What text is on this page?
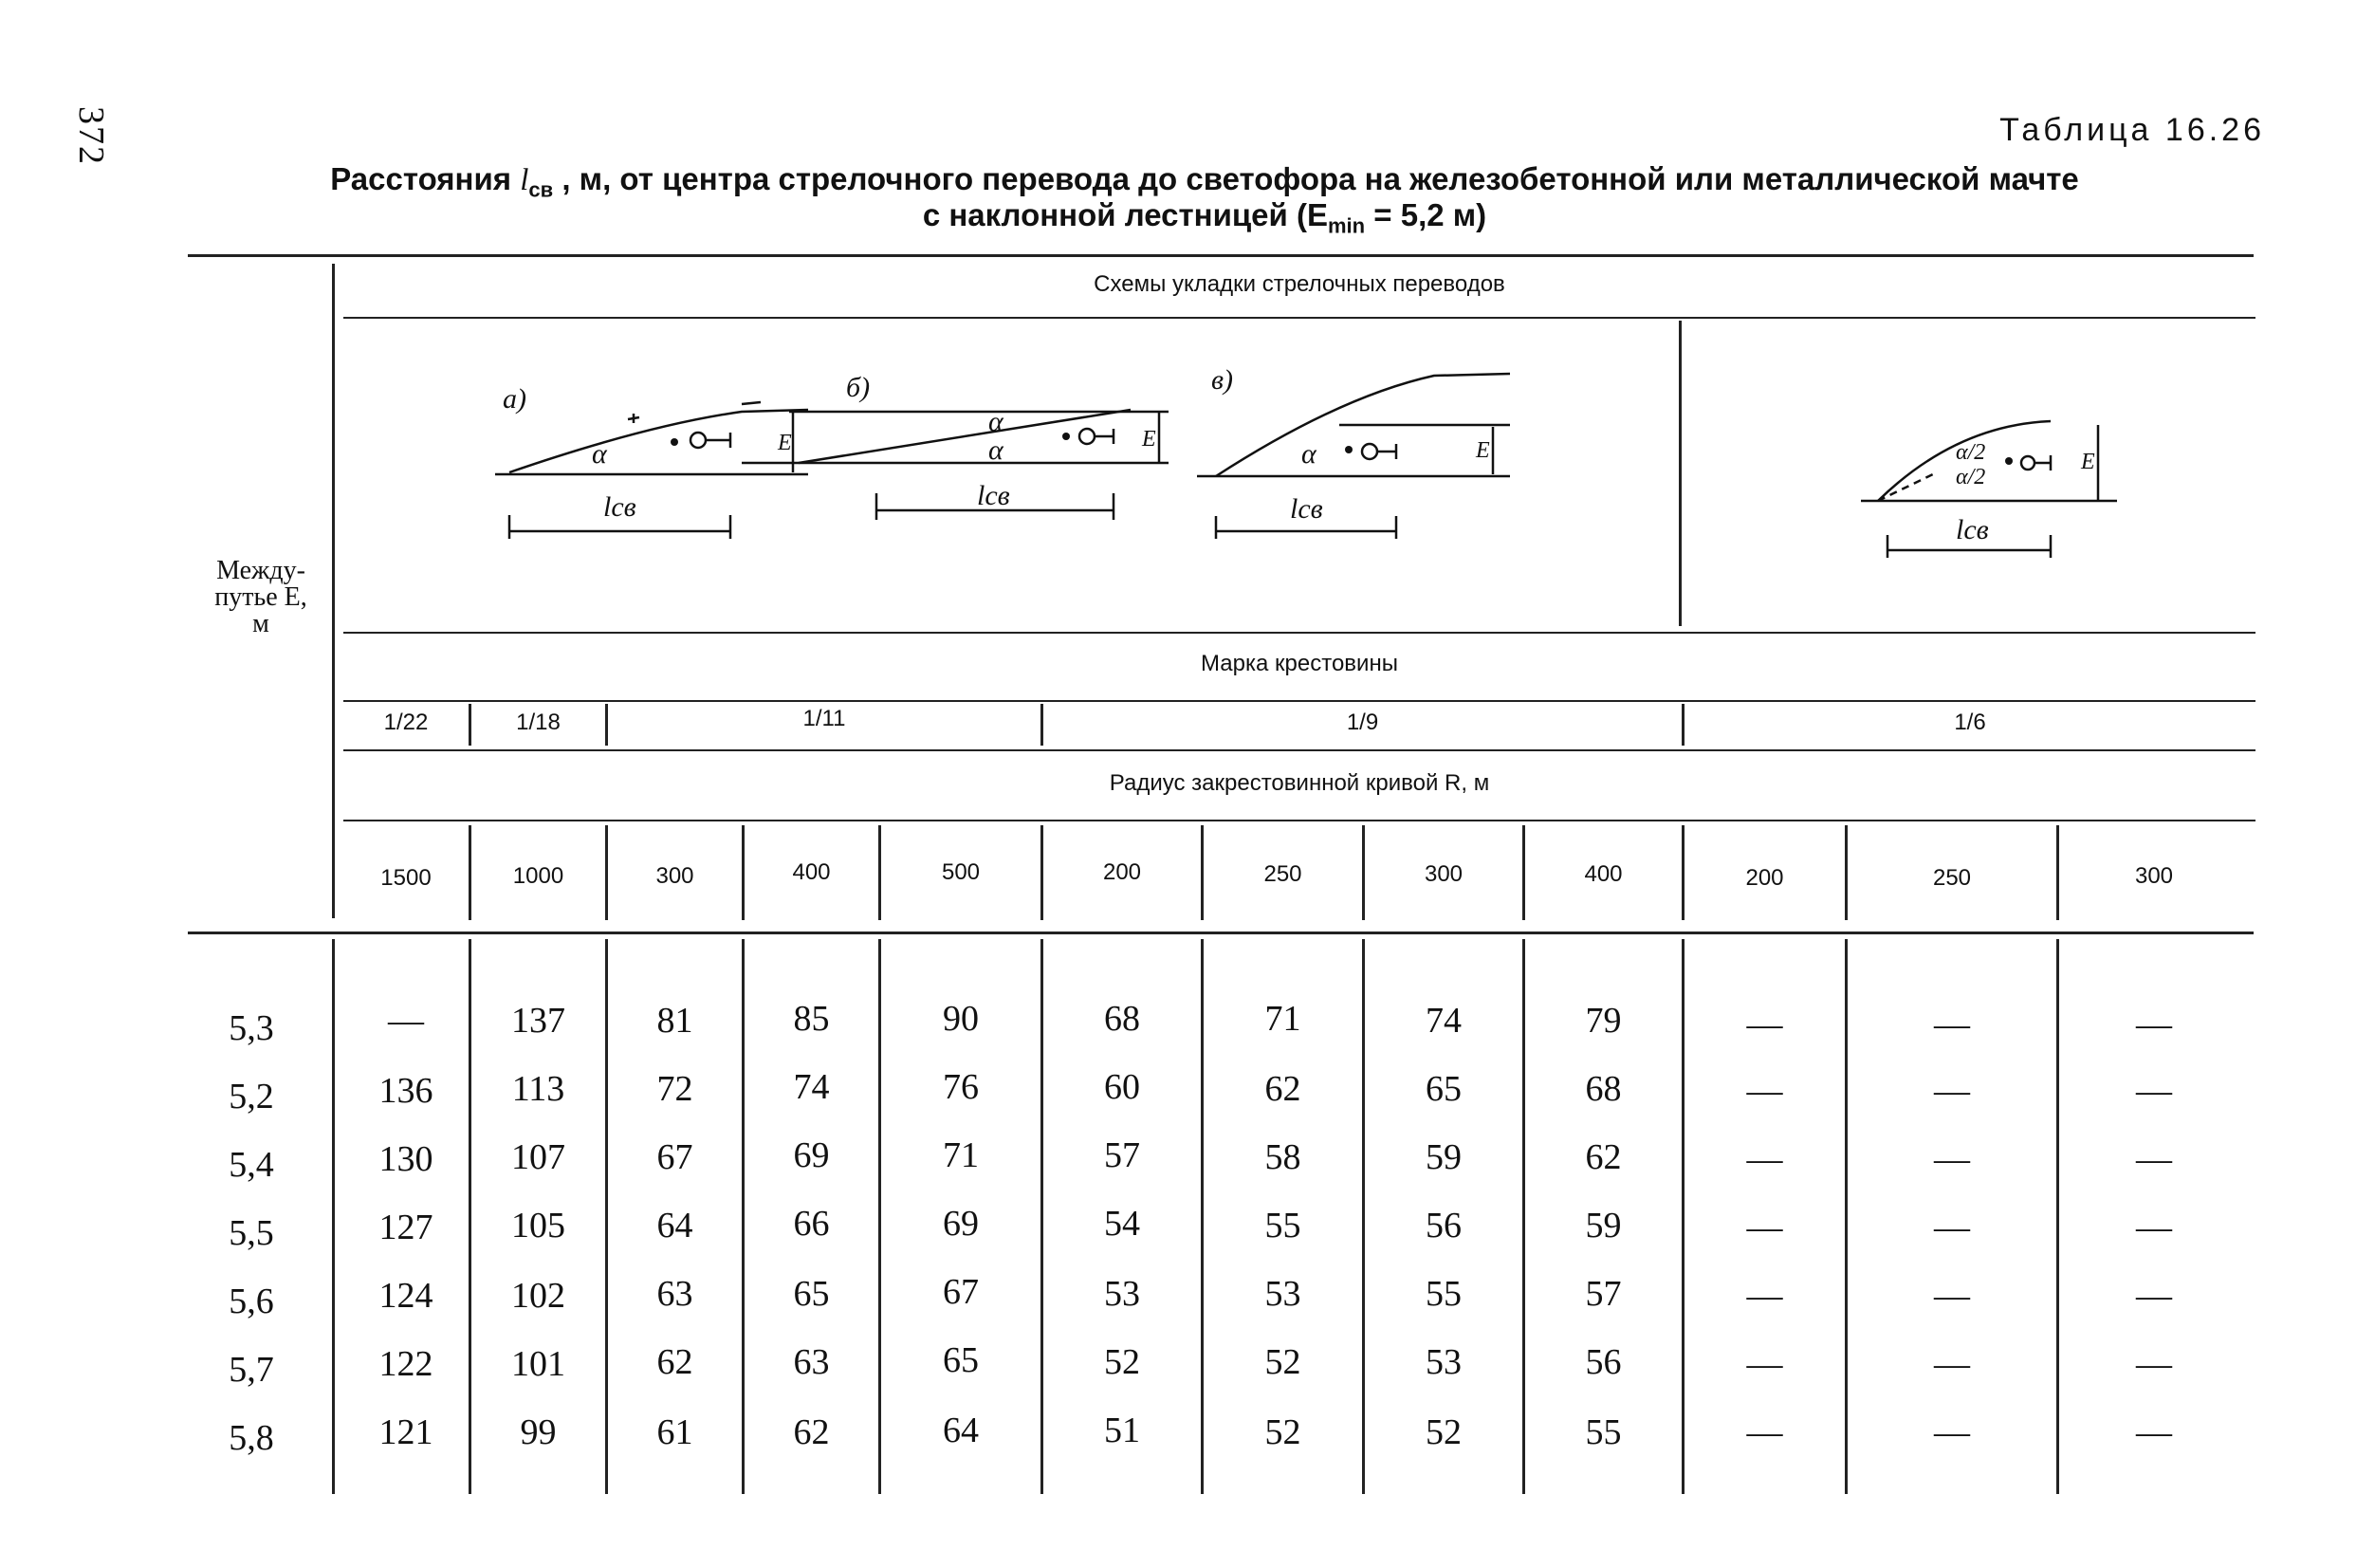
372	Таблица 16.26
Расстояния $l_{св}$ , м, от центра стрелочного перевода до светофора на железобетонной или металлической мачте
с наклонной лестницей ($E_{min} = 5,2$ м)
Междy-
путье E,
м
Схемы укладки стрелочных переводов
Марка крестовины
Радиус закрестовинной кривой R, м
1/22	1/18	1/11	1/9	1/6
1500	1000	300	400	500	200	250	300	400	200	250	300
а)	б)	в)
α
α
α	α	α/2
α/2
E	E	E	E
lсв	lсв	lсв
lсв
5,3	—	137	81	85	90	68	71	74	79	—	—	—
5,2	136	113	72	74	76	60	62	65	68	—	—	—
5,4	130	107	67	69	71	57	58	59	62	—	—	—
5,5	127	105	64	66	69	54	55	56	59	—	—	—
5,6	124	102	63	65	67	53	53	55	57	—	—	—
5,7	122	101	62	63	65	52	52	53	56	—	—	—
5,8	121	99	61	62	64	51	52	52	55	—	—	—
